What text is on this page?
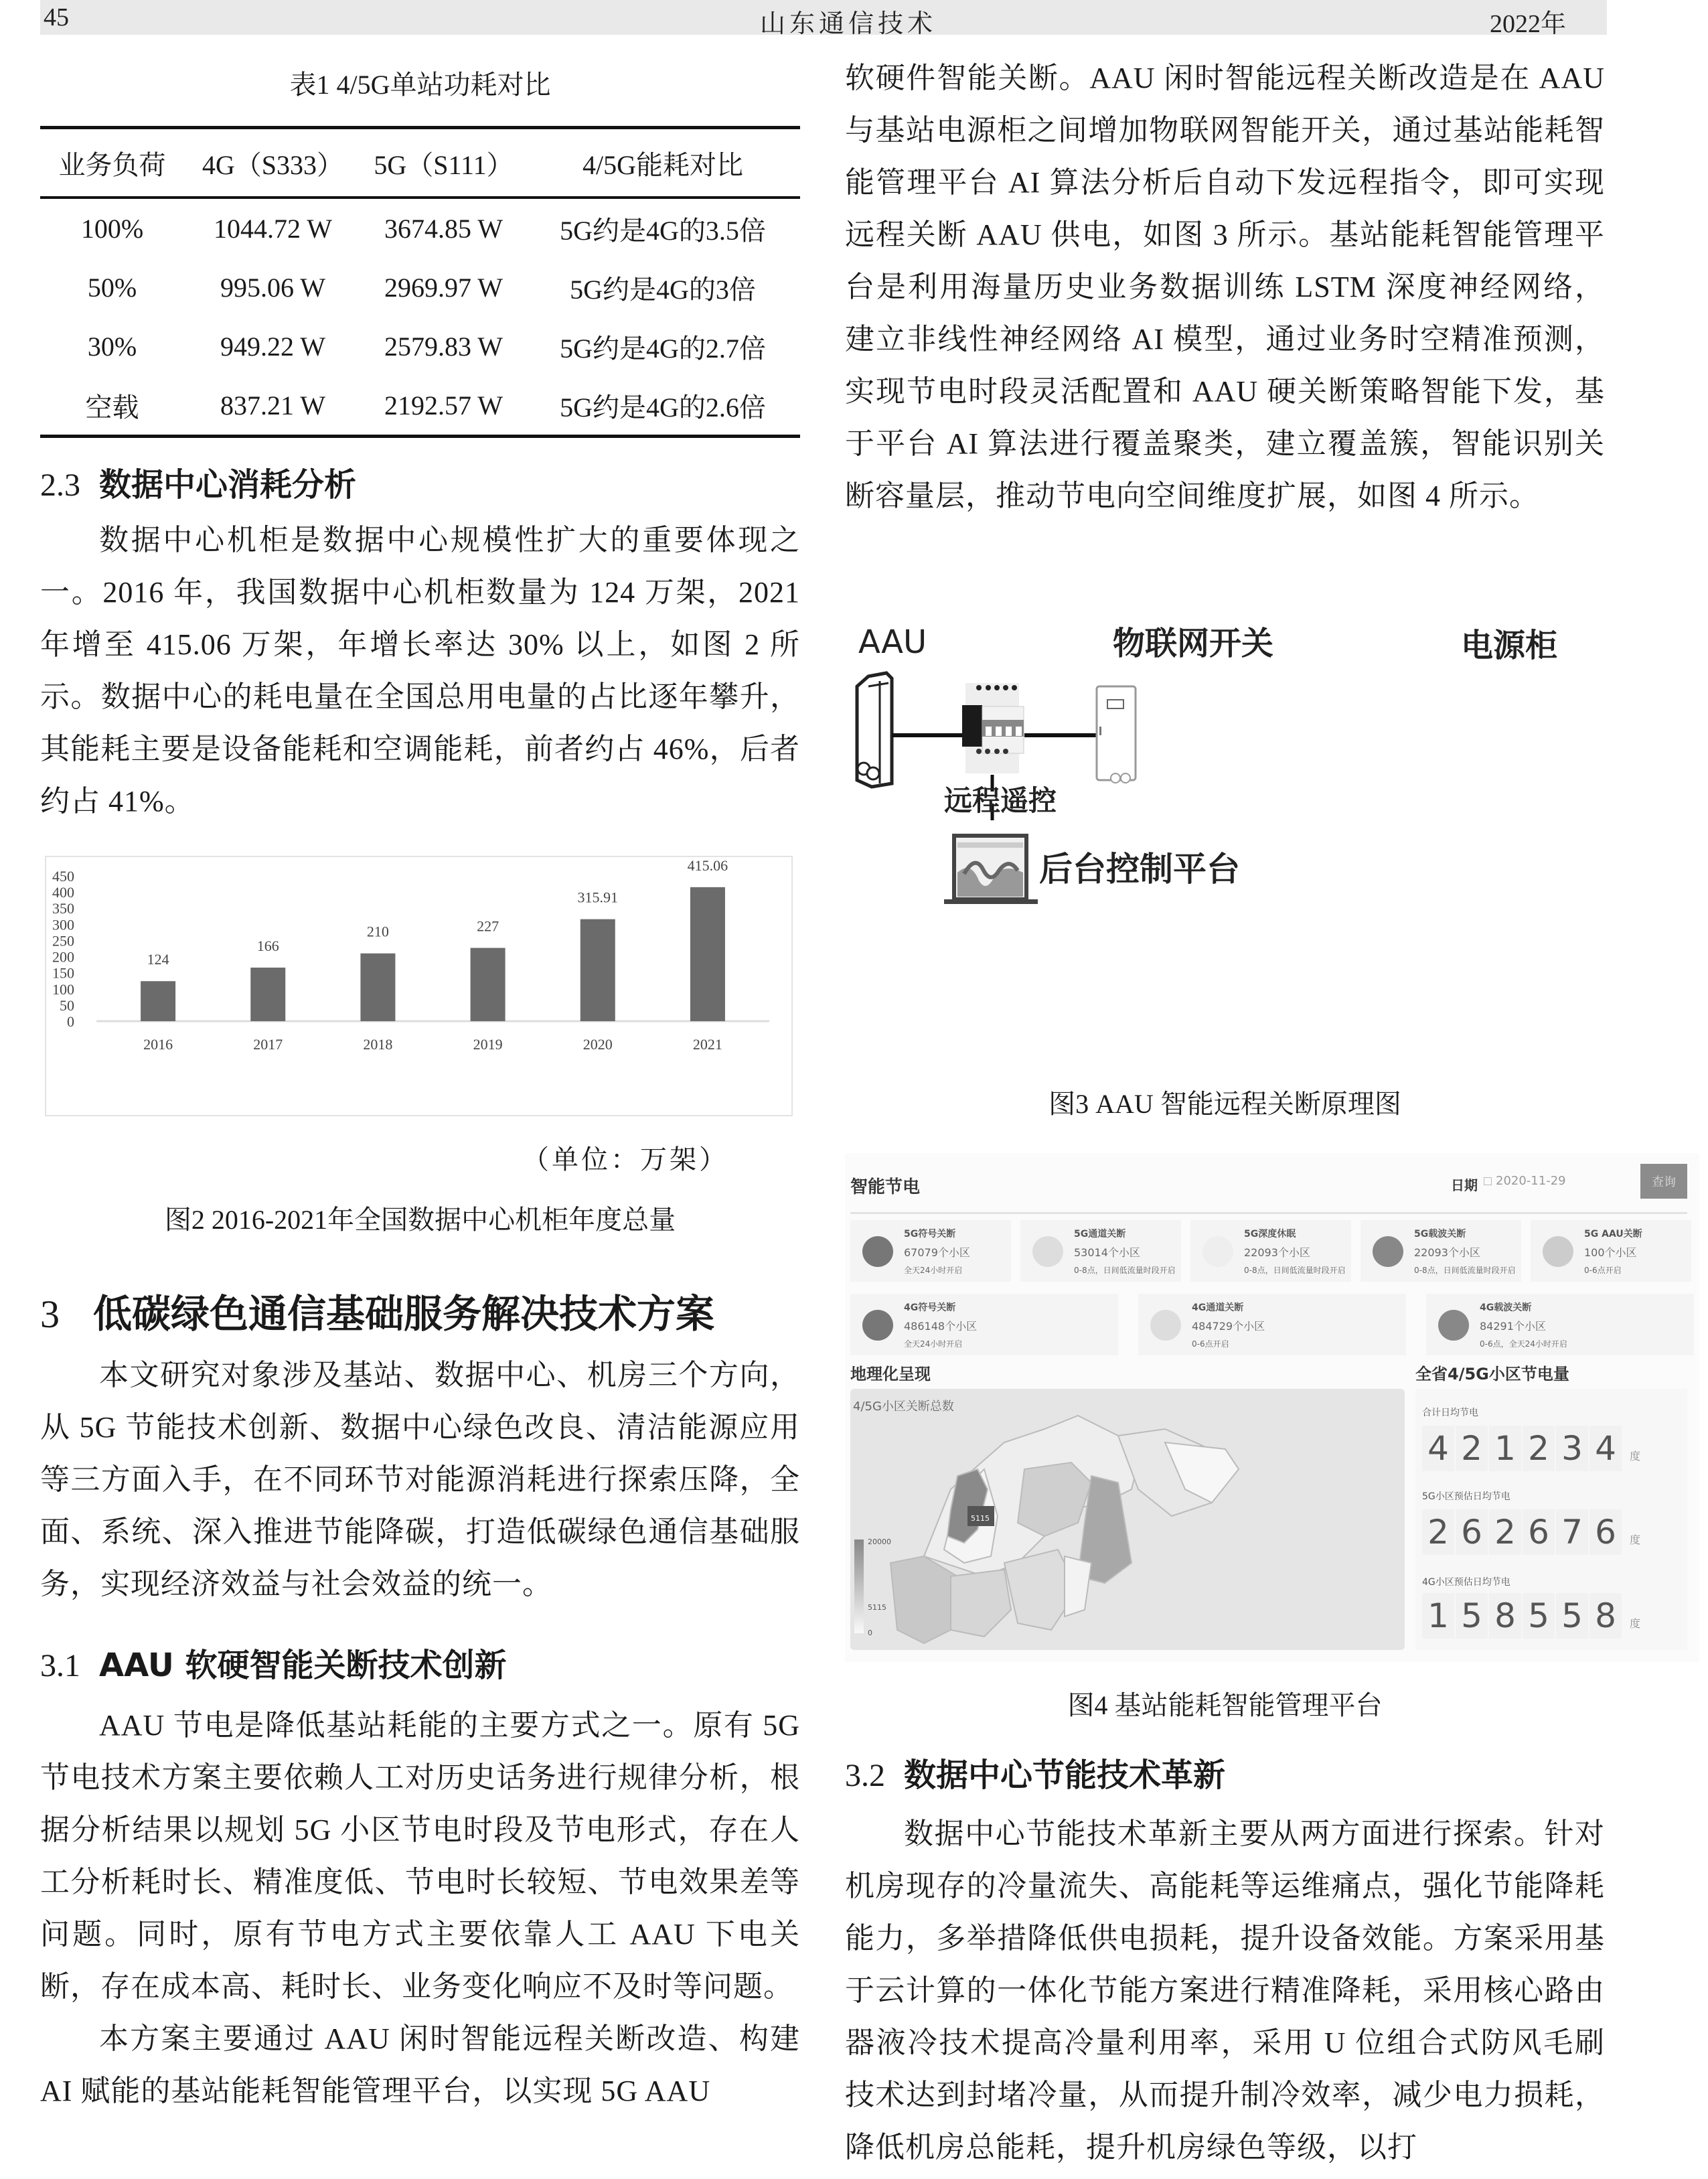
45	山东通信技术	2022年
表1 4/5G单站功耗对比
业务负荷	4G（S333）	5G（S111）	4/5G能耗对比
100%	1044.72 W	3674.85 W	5G约是4G的3.5倍
50%	995.06 W	2969.97 W	5G约是4G的3倍
30%	949.22 W	2579.83 W	5G约是4G的2.7倍
空载	837.21 W	2192.57 W	5G约是4G的2.6倍
2.3 数据中心消耗分析

数据中心机柜是数据中心规模性扩大的重要体现之一。2016 年，我国数据中心机柜数量为 124 万架，2021 年增至 415.06 万架，年增长率达 30% 以上，如图 2 所示。数据中心的耗电量在全国总用电量的占比逐年攀升，其能耗主要是设备能耗和空调能耗，前者约占 46%，后者约占 41%。

0
50
100
150
200
250
300
350
400
450
124
2016
166
2017
210
2018
227
2019
315.91
2020
415.06
2021
（单位：万架）
图2 2016-2021年全国数据中心机柜年度总量
3 低碳绿色通信基础服务解决技术方案

本文研究对象涉及基站、数据中心、机房三个方向，从 5G 节能技术创新、数据中心绿色改良、清洁能源应用等三方面入手，在不同环节对能源消耗进行探索压降，全面、系统、深入推进节能降碳，打造低碳绿色通信基础服务，实现经济效益与社会效益的统一。

3.1 AAU 软硬智能关断技术创新

AAU 节电是降低基站耗能的主要方式之一。原有 5G 节电技术方案主要依赖人工对历史话务进行规律分析，根据分析结果以规划 5G 小区节电时段及节电形式，存在人工分析耗时长、精准度低、节电时长较短、节电效果差等问题。同时，原有节电方式主要依靠人工 AAU 下电关断，存在成本高、耗时长、业务变化响应不及时等问题。

本方案主要通过 AAU 闲时智能远程关断改造、构建 AI 赋能的基站能耗智能管理平台，以实现 5G AAU

软硬件智能关断。AAU 闲时智能远程关断改造是在 AAU 与基站电源柜之间增加物联网智能开关，通过基站能耗智能管理平台 AI 算法分析后自动下发远程指令，即可实现远程关断 AAU 供电，如图 3 所示。基站能耗智能管理平台是利用海量历史业务数据训练 LSTM 深度神经网络，建立非线性神经网络 AI 模型，通过业务时空精准预测，实现节电时段灵活配置和 AAU 硬关断策略智能下发，基于平台 AI 算法进行覆盖聚类，建立覆盖簇，智能识别关断容量层，推动节电向空间维度扩展，如图 4 所示。

AAU	物联网开关	电源柜
远程遥控
后台控制平台
图3 AAU 智能远程关断原理图
智能节电	日期	2020-11-29	查询
5G符号关断
67079个小区
全天24小时开启
5G通道关断
53014个小区
0-8点，日间低流量时段开启
5G深度休眠
22093个小区
0-8点，日间低流量时段开启
5G载波关断
22093个小区
0-8点，日间低流量时段开启
5G AAU关断
100个小区
0-6点开启
4G符号关断
486148个小区
全天24小时开启
4G通道关断
484729个小区
0-6点开启
4G载波关断
84291个小区
0-6点，全天24小时开启
地理化呈现	全省4/5G小区节电量
4/5G小区关断总数
5115
20000
5115
0
合计日均节电
4 2 1 2 3 4	度
5G小区预估日均节电
2 6 2 6 7 6	度
4G小区预估日均节电
1 5 8 5 5 8	度
图4 基站能耗智能管理平台
3.2 数据中心节能技术革新

数据中心节能技术革新主要从两方面进行探索。针对机房现存的冷量流失、高能耗等运维痛点，强化节能降耗能力，多举措降低供电损耗，提升设备效能。方案采用基于云计算的一体化节能方案进行精准降耗，采用核心路由器液冷技术提高冷量利用率，采用 U 位组合式防风毛刷技术达到封堵冷量，从而提升制冷效率，减少电力损耗，降低机房总能耗，提升机房绿色等级，以打
